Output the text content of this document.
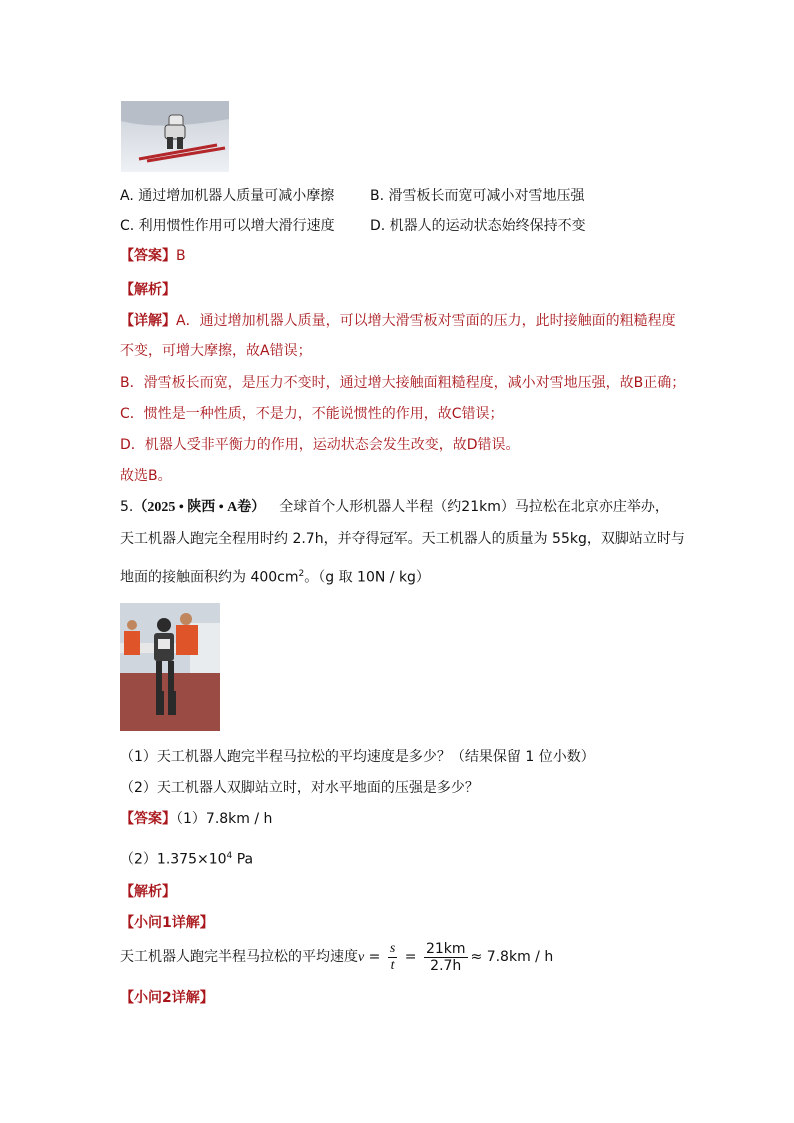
A. 通过增加机器人质量可减小摩擦	B. 滑雪板长而宽可减小对雪地压强
C. 利用惯性作用可以增大滑行速度	D. 机器人的运动状态始终保持不变
【答案】B
【解析】
【详解】A．通过增加机器人质量，可以增大滑雪板对雪面的压力，此时接触面的粗糙程度
不变，可增大摩擦，故A错误；
B．滑雪板长而宽，是压力不变时，通过增大接触面粗糙程度，减小对雪地压强，故B正确；
C．惯性是一种性质，不是力，不能说惯性的作用，故C错误；
D．机器人受非平衡力的作用，运动状态会发生改变，故D错误。
故选B。
5.（2025 • 陕西 • A卷） 全球首个人形机器人半程（约21km）马拉松在北京亦庄举办，
天工机器人跑完全程用时约 2.7h，并夺得冠军。天工机器人的质量为 55kg，双脚站立时与
地面的接触面积约为 $400cm^2$。（g 取 10N / kg）
（1）天工机器人跑完半程马拉松的平均速度是多少？（结果保留 1 位小数）
（2）天工机器人双脚站立时，对水平地面的压强是多少？
【答案】（1）7.8km / h
$(2)1.375\times 10^4$ Pa
【解析】
【小问1详解】
天工机器人跑完半程马拉松的平均速度$v = \frac{s}{t} = \frac{21km}{2.7h} \approx 7.8km / h$
【小问2详解】
